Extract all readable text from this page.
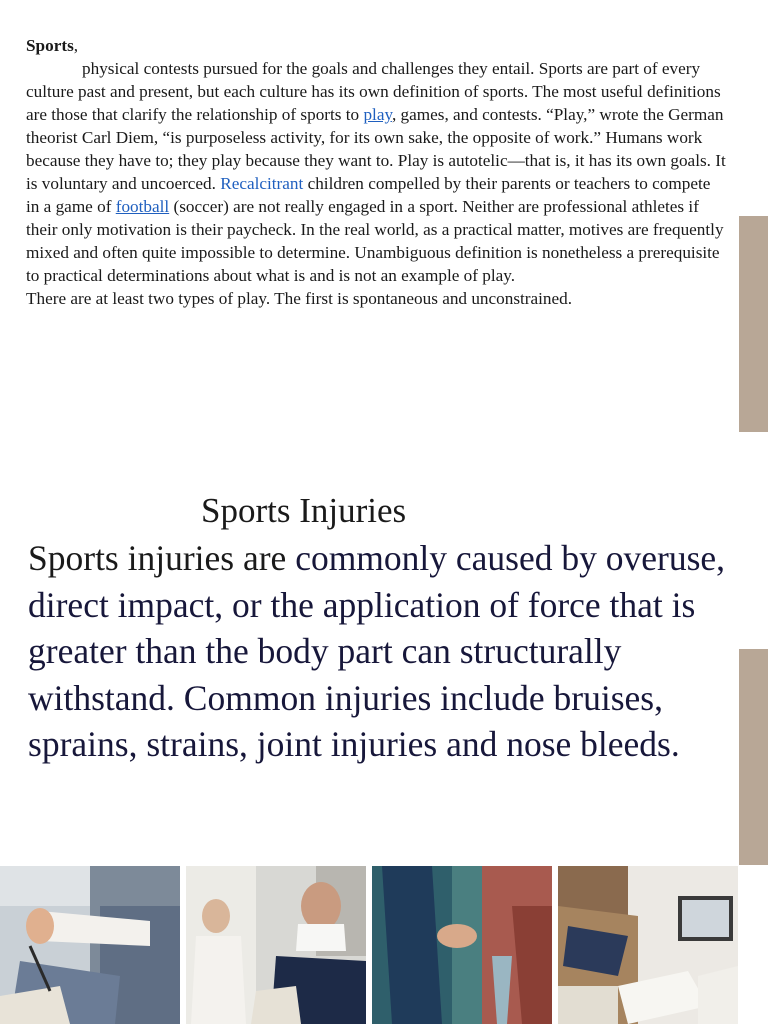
Sports,
physical contests pursued for the goals and challenges they entail. Sports are part of every culture past and present, but each culture has its own definition of sports. The most useful definitions are those that clarify the relationship of sports to play, games, and contests. “Play,” wrote the German theorist Carl Diem, “is purposeless activity, for its own sake, the opposite of work.” Humans work because they have to; they play because they want to. Play is autotelic—that is, it has its own goals. It is voluntary and uncoerced. Recalcitrant children compelled by their parents or teachers to compete in a game of football (soccer) are not really engaged in a sport. Neither are professional athletes if their only motivation is their paycheck. In the real world, as a practical matter, motives are frequently mixed and often quite impossible to determine. Unambiguous definition is nonetheless a prerequisite to practical determinations about what is and is not an example of play.

There are at least two types of play. The first is spontaneous and unconstrained.

Sports Injuries
Sports injuries are commonly caused by overuse, direct impact, or the application of force that is greater than the body part can structurally withstand. Common injuries include bruises, sprains, strains, joint injuries and nose bleeds.
